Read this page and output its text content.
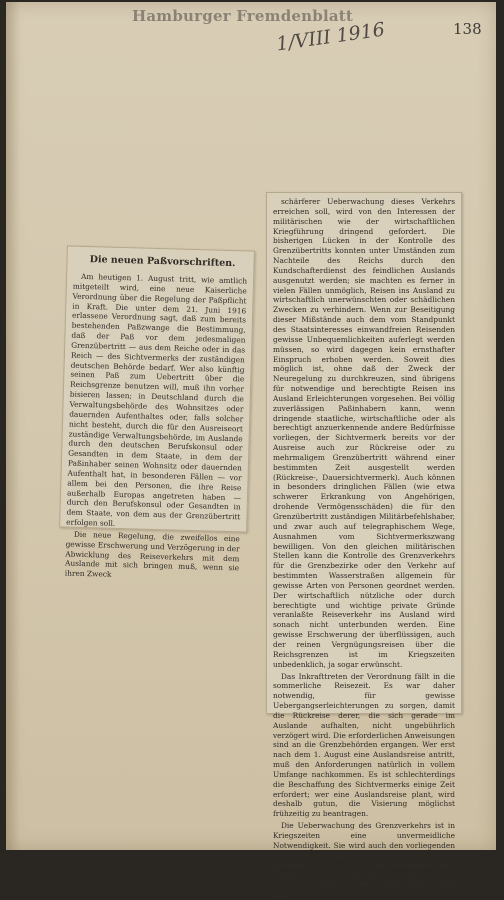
Hamburger Fremdenblatt
1/VIII 1916	138
Die neuen Paßvorschriften.

Am heutigen 1. August tritt, wie amtlich mitgeteilt wird, eine neue Kaiserliche Verordnung über die Regelung der Paßpflicht in Kraft. Die unter dem 21. Juni 1916 erlassene Verordnung sagt, daß zum bereits bestehenden Paßzwange die Bestimmung, daß der Paß vor dem jedesmaligen Grenzübertritt — aus dem Reiche oder in das Reich — des Sichtvermerks der zuständigen deutschen Behörde bedarf. Wer also künftig seinen Paß zum Uebertritt über die Reichsgrenze benutzen will, muß ihn vorher bisieren lassen; in Deutschland durch die Verwaltungsbehörde des Wohnsitzes oder dauernden Aufenthaltes oder, falls solcher nicht besteht, durch die für den Ausreiseort zuständige Verwaltungsbehörde, im Auslande durch den deutschen Berufskonsul oder Gesandten in dem Staate, in dem der Paßinhaber seinen Wohnsitz oder dauernden Aufenthalt hat, in besonderen Fällen — vor allem bei den Personen, die ihre Reise außerhalb Europas angetreten haben — durch den Berufskonsul oder Gesandten in dem Staate, von dem aus der Grenzübertritt erfolgen soll.

Die neue Regelung, die zweifellos eine gewisse Erschwerung und Verzögerung in der Abwicklung des Reiseverkehrs mit dem Auslande mit sich bringen muß, wenn sie ihren Zweck

schärferer Ueberwachung dieses Verkehrs erreichen soll, wird von den Interessen der militärischen wie der wirtschaftlichen Kriegführung dringend gefordert. Die bisherigen Lücken in der Kontrolle des Grenzübertritts konnten unter Umständen zum Nachteile des Reichs durch den Kundschafterdienst des feindlichen Auslands ausgenutzt werden; sie machten es ferner in vielen Fällen unmöglich, Reisen ins Ausland zu wirtschaftlich unerwünschten oder schädlichen Zwecken zu verhindern. Wenn zur Beseitigung dieser Mißstände auch dem vom Standpunkt des Staatsinteresses einwandfreien Reisenden gewisse Unbequemlichkeiten auferlegt werden müssen, so wird dagegen kein ernsthafter Einspruch erhoben werden. Soweit dies möglich ist, ohne daß der Zweck der Neuregelung zu durchkreuzen, sind übrigens für notwendige und berechtigte Reisen ins Ausland Erleichterungen vorgesehen. Bei völlig zuverlässigen Paßinhabern kann, wenn dringende staatliche, wirtschaftliche oder als berechtigt anzuerkennende andere Bedürfnisse vorliegen, der Sichtvermerk bereits vor der Ausreise auch zur Rückreise oder zu mehrmaligem Grenzübertritt während einer bestimmten Zeit ausgestellt werden (Rückreise-, Dauersichtvermerk). Auch können in besonders dringlichen Fällen (wie etwa schwerer Erkrankung von Angehörigen, drohende Vermögensschäden) die für den Grenzübertritt zuständigen Militärbefehlshaber, und zwar auch auf telegraphischem Wege, Ausnahmen vom Sichtvermerkszwang bewilligen. Von den gleichen militärischen Stellen kann die Kontrolle des Grenzverkehrs für die Grenzbezirke oder den Verkehr auf bestimmten Wasserstraßen allgemein für gewisse Arten von Personen geordnet werden. Der wirtschaftlich nützliche oder durch berechtigte und wichtige private Gründe veranlaßte Reiseverkehr ins Ausland wird sonach nicht unterbunden werden. Eine gewisse Erschwerung der überflüssigen, auch der reinen Vergnügungsreisen über die Reichsgrenzen ist im Kriegszeiten unbedenklich, ja sogar erwünscht.

Das Inkrafttreten der Verordnung fällt in die sommerliche Reisezeit. Es war daher notwendig, für gewisse Uebergangserleichterungen zu sorgen, damit die Rückreise derer, die sich gerade im Auslande aufhalten, nicht ungebührlich verzögert wird. Die erforderlichen Anweisungen sind an die Grenzbehörden ergangen. Wer erst nach dem 1. August eine Auslandsreise antritt, muß den Anforderungen natürlich in vollem Umfange nachkommen. Es ist schlechterdings die Beschaffung des Sichtvermerks einige Zeit erfordert; wer eine Auslandsreise plant, wird deshalb gutun, die Visierung möglichst frühzeitig zu beantragen.

Die Ueberwachung des Grenzverkehrs ist in Kriegszeiten eine unvermeidliche Notwendigkeit. Sie wird auch den vorliegenden Berichten in Frankreich und England schon seit geraumer Zeit in für die Reisenden weit lästigerer Weise geübt, als dies auch nach den neuen Vorschriften in Deutschland beabsichtigt ist.
